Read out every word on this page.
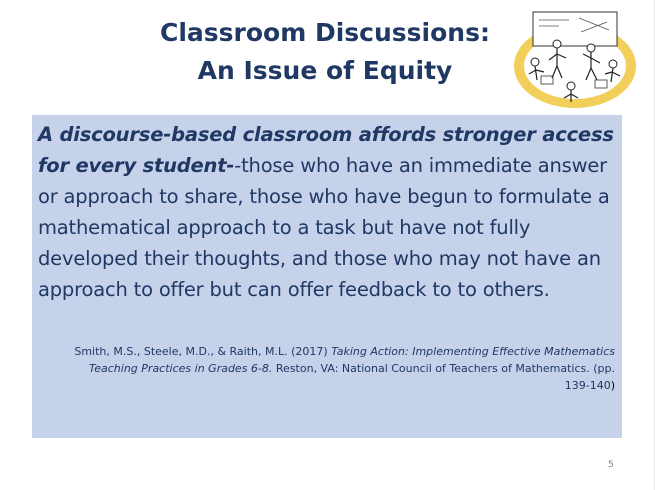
Classroom Discussions:
An Issue of Equity
A discourse-based classroom affords stronger access for every student--those who have an immediate answer or approach to share, those who have begun to formulate a mathematical approach to a task but have not fully developed their thoughts, and those who may not have an approach to offer but can offer feedback to to others.
Smith, M.S., Steele, M.D., & Raith, M.L. (2017) Taking Action: Implementing Effective Mathematics Teaching Practices in Grades 6-8. Reston, VA: National Council of Teachers of Mathematics. (pp. 139-140)
5
